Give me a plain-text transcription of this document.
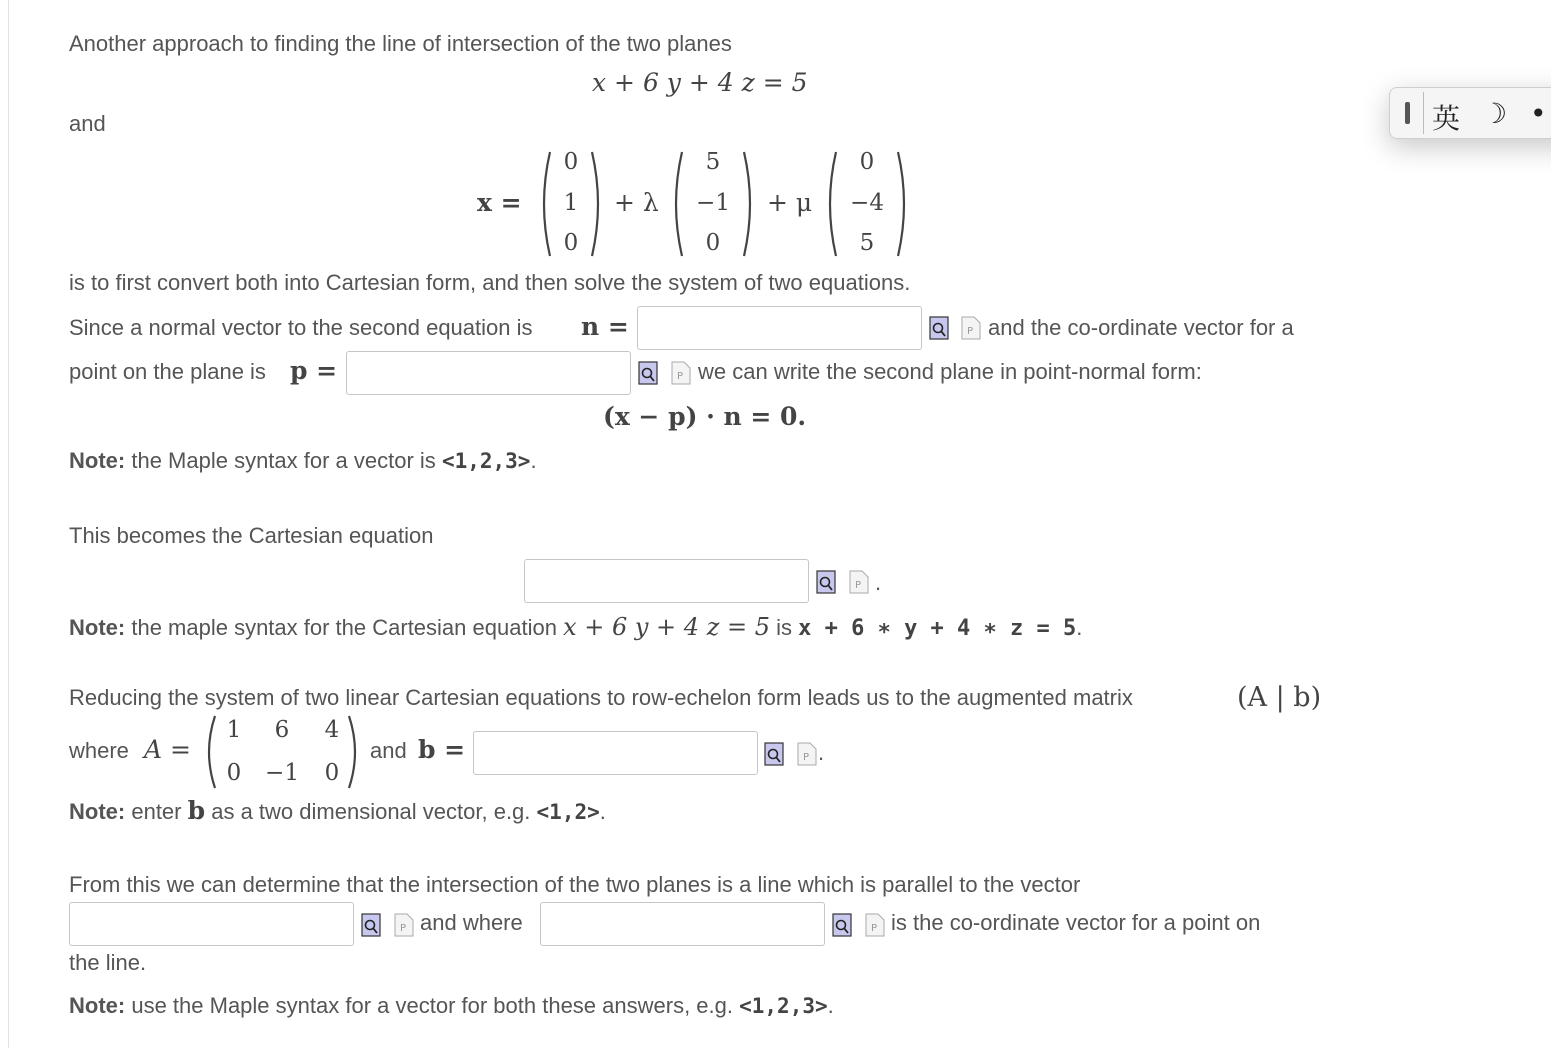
Another approach to finding the line of intersection of the two planes
x + 6 y + 4 z = 5
and
x =
0
1
0
+ λ
5
−1
0
+ μ
0
−4
5
is to first convert both into Cartesian form, and then solve the system of two equations.
Since a normal vector to the second equation is n =	P and the co-ordinate vector for a
point on the plane is p =	P we can write the second plane in point-normal form:
(x − p) · n = 0.
Note: the Maple syntax for a vector is <1,2,3>.
This becomes the Cartesian equation
P .
Note: the maple syntax for the Cartesian equation x + 6 y + 4 z = 5 is x + 6 ∗ y + 4 ∗ z = 5.
Reducing the system of two linear Cartesian equations to row-echelon form leads us to the augmented matrix	(A | b)
where A =
1	6	4
0	−1	0
and b =	P .
Note: enter b as a two dimensional vector, e.g. <1,2>.
From this we can determine that the intersection of the two planes is a line which is parallel to the vector
P and where	P is the co-ordinate vector for a point on
the line.
Note: use the Maple syntax for a vector for both these answers, e.g. <1,2,3>.
英 ☽ •
